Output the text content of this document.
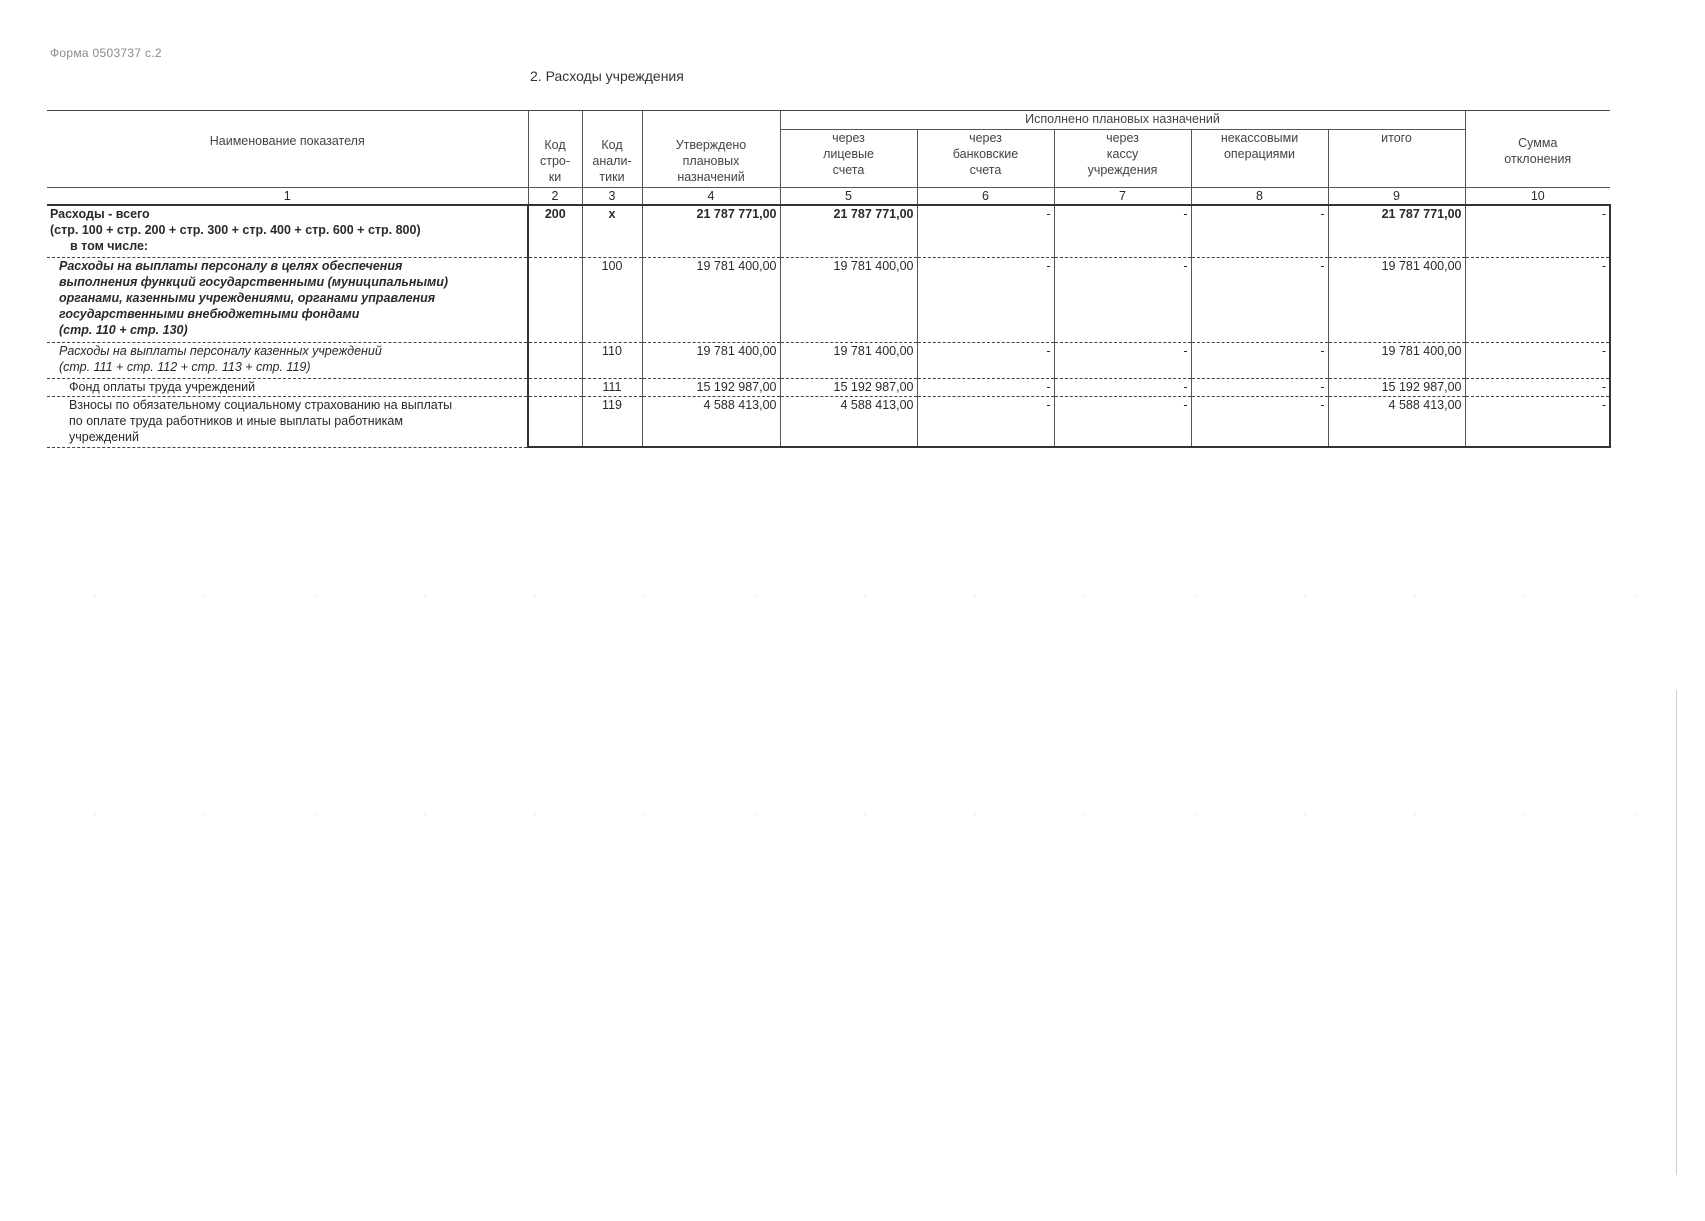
Форма 0503737 с.2
2. Расходы учреждения
Наименование показателя	Код
стро-
ки	Код
анали-
тики	Утверждено
плановых
назначений	Исполнено плановых назначений					Сумма
отклонения
				через
лицевые
счета	через
банковские
счета	через
кассу
учреждения	некассовыми
операциями	итого	
1	2	3	4	5	6	7	8	9	10

Расходы - всего
(стр. 100 + стр. 200 + стр. 300 + стр. 400 + стр. 600 + стр. 800)
в том числе:	200	x	21 787 771,00	21 787 771,00	-	-	-	21 787 771,00	-

Расходы на выплаты персоналу в целях обеспечения
выполнения функций государственными (муниципальными)
органами, казенными учреждениями, органами управления
государственными внебюджетными фондами
(стр. 110 + стр. 130)		100	19 781 400,00	19 781 400,00	-	-	-	19 781 400,00	-

Расходы на выплаты персоналу казенных учреждений
(стр. 111 + стр. 112 + стр. 113 + стр. 119)		110	19 781 400,00	19 781 400,00	-	-	-	19 781 400,00	-

Фонд оплаты труда учреждений		111	15 192 987,00	15 192 987,00	-	-	-	15 192 987,00	-

Взносы по обязательному социальному страхованию на выплаты
по оплате труда работников и иные выплаты работникам
учреждений		119	4 588 413,00	4 588 413,00	-	-	-	4 588 413,00	-
